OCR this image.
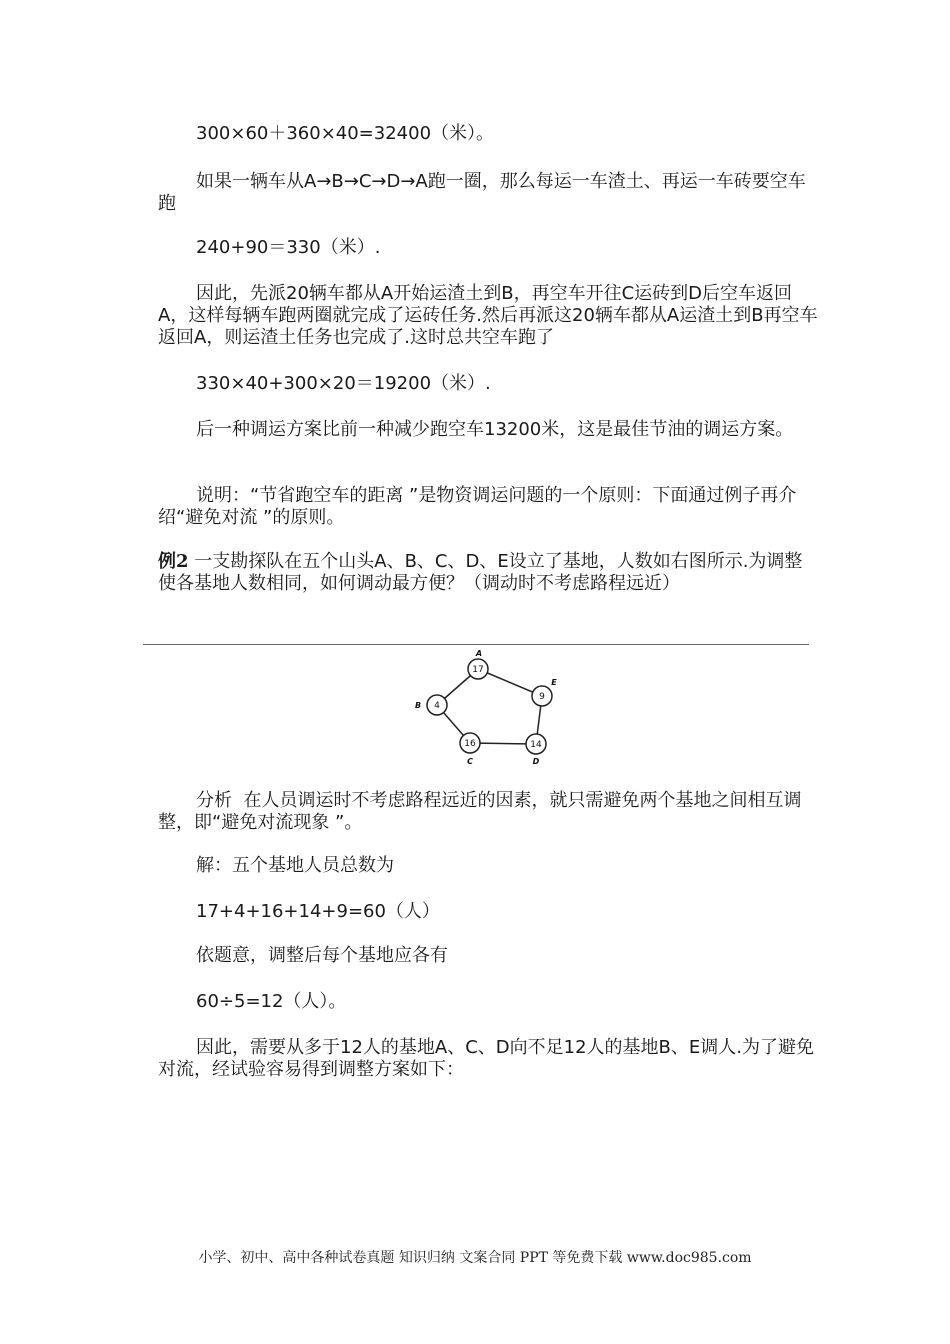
300×60＋360×40=32400（米）。

如果一辆车从A→B→C→D→A跑一圈，那么每运一车渣土、再运一车砖要空车跑

240+90＝330（米）.

因此，先派20辆车都从A开始运渣土到B，再空车开往C运砖到D后空车返回A，这样每辆车跑两圈就完成了运砖任务.然后再派这20辆车都从A运渣土到B再空车返回A，则运渣土任务也完成了.这时总共空车跑了

330×40+300×20＝19200（米）.

后一种调运方案比前一种减少跑空车13200米，这是最佳节油的调运方案。

说明：“节省跑空车的距离 ”是物资调运问题的一个原则：下面通过例子再介绍“避免对流 ”的原则。

例2 一支勘探队在五个山头A、B、C、D、E设立了基地，人数如右图所示.为调整使各基地人数相同，如何调动最方便？（调动时不考虑路程远近）

17
A
9
E
4
B
16
C
14
D

分析  在人员调运时不考虑路程远近的因素，就只需避免两个基地之间相互调整，即“避免对流现象 ”。

解：五个基地人员总数为

17+4+16+14+9=60（人）

依题意，调整后每个基地应各有

60÷5=12（人）。

因此，需要从多于12人的基地A、C、D向不足12人的基地B、E调人.为了避免对流，经试验容易得到调整方案如下：

小学、初中、高中各种试卷真题 知识归纳 文案合同 PPT 等免费下载 www.doc985.com
